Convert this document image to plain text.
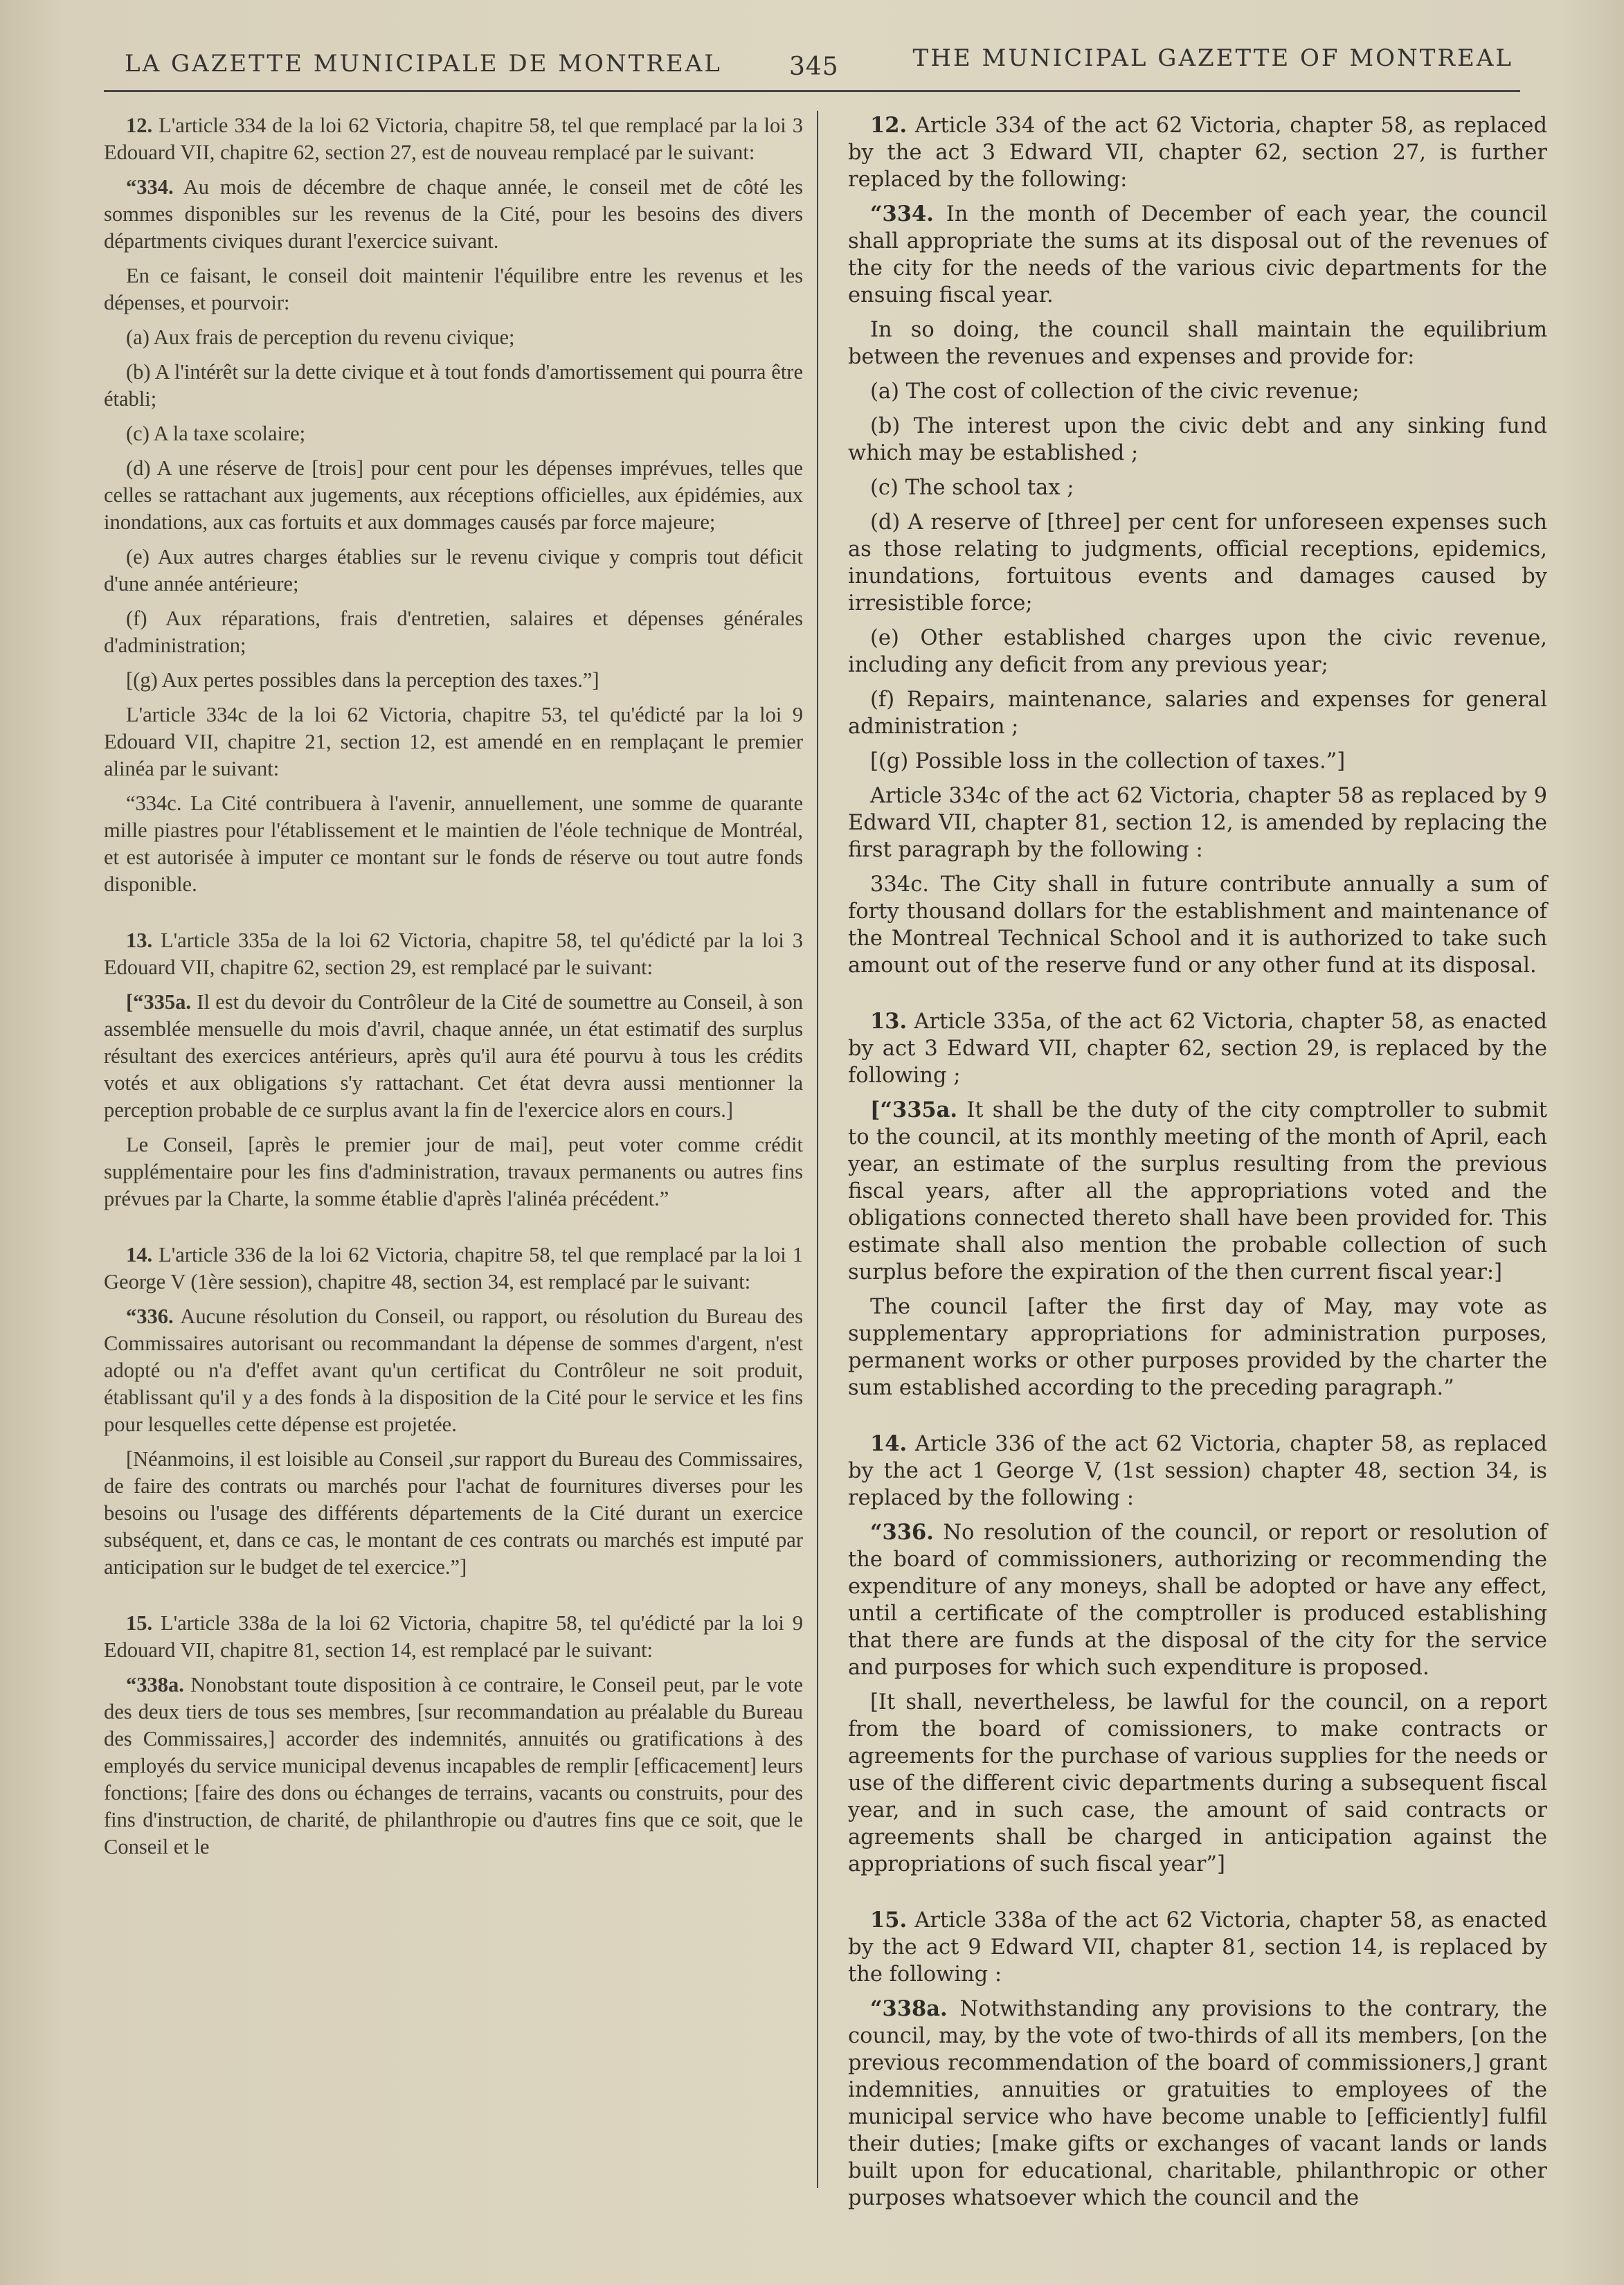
LA GAZETTE MUNICIPALE DE MONTREAL	345	THE MUNICIPAL GAZETTE OF MONTREAL

12. L'article 334 de la loi 62 Victoria, chapitre 58, tel que remplacé par la loi 3 Edouard VII, chapitre 62, section 27, est de nouveau remplacé par le suivant:

“334. Au mois de décembre de chaque année, le conseil met de côté les sommes disponibles sur les revenus de la Cité, pour les besoins des divers départments civiques durant l'exercice suivant.

En ce faisant, le conseil doit maintenir l'équilibre entre les revenus et les dépenses, et pourvoir:

(a) Aux frais de perception du revenu civique;

(b) A l'intérêt sur la dette civique et à tout fonds d'amortissement qui pourra être établi;

(c) A la taxe scolaire;

(d) A une réserve de [trois] pour cent pour les dépenses imprévues, telles que celles se rattachant aux jugements, aux réceptions officielles, aux épidémies, aux inondations, aux cas fortuits et aux dommages causés par force majeure;

(e) Aux autres charges établies sur le revenu civique y compris tout déficit d'une année antérieure;

(f) Aux réparations, frais d'entretien, salaires et dépenses générales d'administration;

[(g) Aux pertes possibles dans la perception des taxes.”]

L'article 334c de la loi 62 Victoria, chapitre 53, tel qu'édicté par la loi 9 Edouard VII, chapitre 21, section 12, est amendé en en remplaçant le premier alinéa par le suivant:

“334c. La Cité contribuera à l'avenir, annuellement, une somme de quarante mille piastres pour l'établissement et le maintien de l'éole technique de Montréal, et est autorisée à imputer ce montant sur le fonds de réserve ou tout autre fonds disponible.

13. L'article 335a de la loi 62 Victoria, chapitre 58, tel qu'édicté par la loi 3 Edouard VII, chapitre 62, section 29, est remplacé par le suivant:

[“335a. Il est du devoir du Contrôleur de la Cité de soumettre au Conseil, à son assemblée mensuelle du mois d'avril, chaque année, un état estimatif des surplus résultant des exercices antérieurs, après qu'il aura été pourvu à tous les crédits votés et aux obligations s'y rattachant. Cet état devra aussi mentionner la perception probable de ce surplus avant la fin de l'exercice alors en cours.]

Le Conseil, [après le premier jour de mai], peut voter comme crédit supplémentaire pour les fins d'administration, travaux permanents ou autres fins prévues par la Charte, la somme établie d'après l'alinéa précédent.”

14. L'article 336 de la loi 62 Victoria, chapitre 58, tel que remplacé par la loi 1 George V (1ère session), chapitre 48, section 34, est remplacé par le suivant:

“336. Aucune résolution du Conseil, ou rapport, ou résolution du Bureau des Commissaires autorisant ou recommandant la dépense de sommes d'argent, n'est adopté ou n'a d'effet avant qu'un certificat du Contrôleur ne soit produit, établissant qu'il y a des fonds à la disposition de la Cité pour le service et les fins pour lesquelles cette dépense est projetée.

[Néanmoins, il est loisible au Conseil ,sur rapport du Bureau des Commissaires, de faire des contrats ou marchés pour l'achat de fournitures diverses pour les besoins ou l'usage des différents départements de la Cité durant un exercice subséquent, et, dans ce cas, le montant de ces contrats ou marchés est imputé par anticipation sur le budget de tel exercice.”]

15. L'article 338a de la loi 62 Victoria, chapitre 58, tel qu'édicté par la loi 9 Edouard VII, chapitre 81, section 14, est remplacé par le suivant:

“338a. Nonobstant toute disposition à ce contraire, le Conseil peut, par le vote des deux tiers de tous ses membres, [sur recommandation au préalable du Bureau des Commissaires,] accorder des indemnités, annuités ou gratifications à des employés du service municipal devenus incapables de remplir [efficacement] leurs fonctions; [faire des dons ou échanges de terrains, vacants ou construits, pour des fins d'instruction, de charité, de philanthropie ou d'autres fins que ce soit, que le Conseil et le

12. Article 334 of the act 62 Victoria, chapter 58, as replaced by the act 3 Edward VII, chapter 62, section 27, is further replaced by the following:

“334. In the month of December of each year, the council shall appropriate the sums at its disposal out of the revenues of the city for the needs of the various civic departments for the ensuing fiscal year.

In so doing, the council shall maintain the equilibrium between the revenues and expenses and provide for:

(a) The cost of collection of the civic revenue;

(b) The interest upon the civic debt and any sinking fund which may be established ;

(c) The school tax ;

(d) A reserve of [three] per cent for unforeseen expenses such as those relating to judgments, official receptions, epidemics, inundations, fortuitous events and damages caused by irresistible force;

(e) Other established charges upon the civic revenue, including any deficit from any previous year;

(f) Repairs, maintenance, salaries and expenses for general administration ;

[(g) Possible loss in the collection of taxes.”]

Article 334c of the act 62 Victoria, chapter 58 as replaced by 9 Edward VII, chapter 81, section 12, is amended by replacing the first paragraph by the following :

334c. The City shall in future contribute annually a sum of forty thousand dollars for the establishment and maintenance of the Montreal Technical School and it is authorized to take such amount out of the reserve fund or any other fund at its disposal.

13. Article 335a, of the act 62 Victoria, chapter 58, as enacted by act 3 Edward VII, chapter 62, section 29, is replaced by the following ;

[“335a. It shall be the duty of the city comptroller to submit to the council, at its monthly meeting of the month of April, each year, an estimate of the surplus resulting from the previous fiscal years, after all the appropriations voted and the obligations connected thereto shall have been provided for. This estimate shall also mention the probable collection of such surplus before the expiration of the then current fiscal year:]

The council [after the first day of May, may vote as supplementary appropriations for administration purposes, permanent works or other purposes provided by the charter the sum established according to the preceding paragraph.”

14. Article 336 of the act 62 Victoria, chapter 58, as replaced by the act 1 George V, (1st session) chapter 48, section 34, is replaced by the following :

“336. No resolution of the council, or report or resolution of the board of commissioners, authorizing or recommending the expenditure of any moneys, shall be adopted or have any effect, until a certificate of the comptroller is produced establishing that there are funds at the disposal of the city for the service and purposes for which such expenditure is proposed.

[It shall, nevertheless, be lawful for the council, on a report from the board of comissioners, to make contracts or agreements for the purchase of various supplies for the needs or use of the different civic departments during a subsequent fiscal year, and in such case, the amount of said contracts or agreements shall be charged in anticipation against the appropriations of such fiscal year”]

15. Article 338a of the act 62 Victoria, chapter 58, as enacted by the act 9 Edward VII, chapter 81, section 14, is replaced by the following :

“338a. Notwithstanding any provisions to the contrary, the council, may, by the vote of two-thirds of all its members, [on the previous recommendation of the board of commissioners,] grant indemnities, annuities or gratuities to employees of the municipal service who have become unable to [efficiently] fulfil their duties; [make gifts or exchanges of vacant lands or lands built upon for educational, charitable, philanthropic or other purposes whatsoever which the council and the
